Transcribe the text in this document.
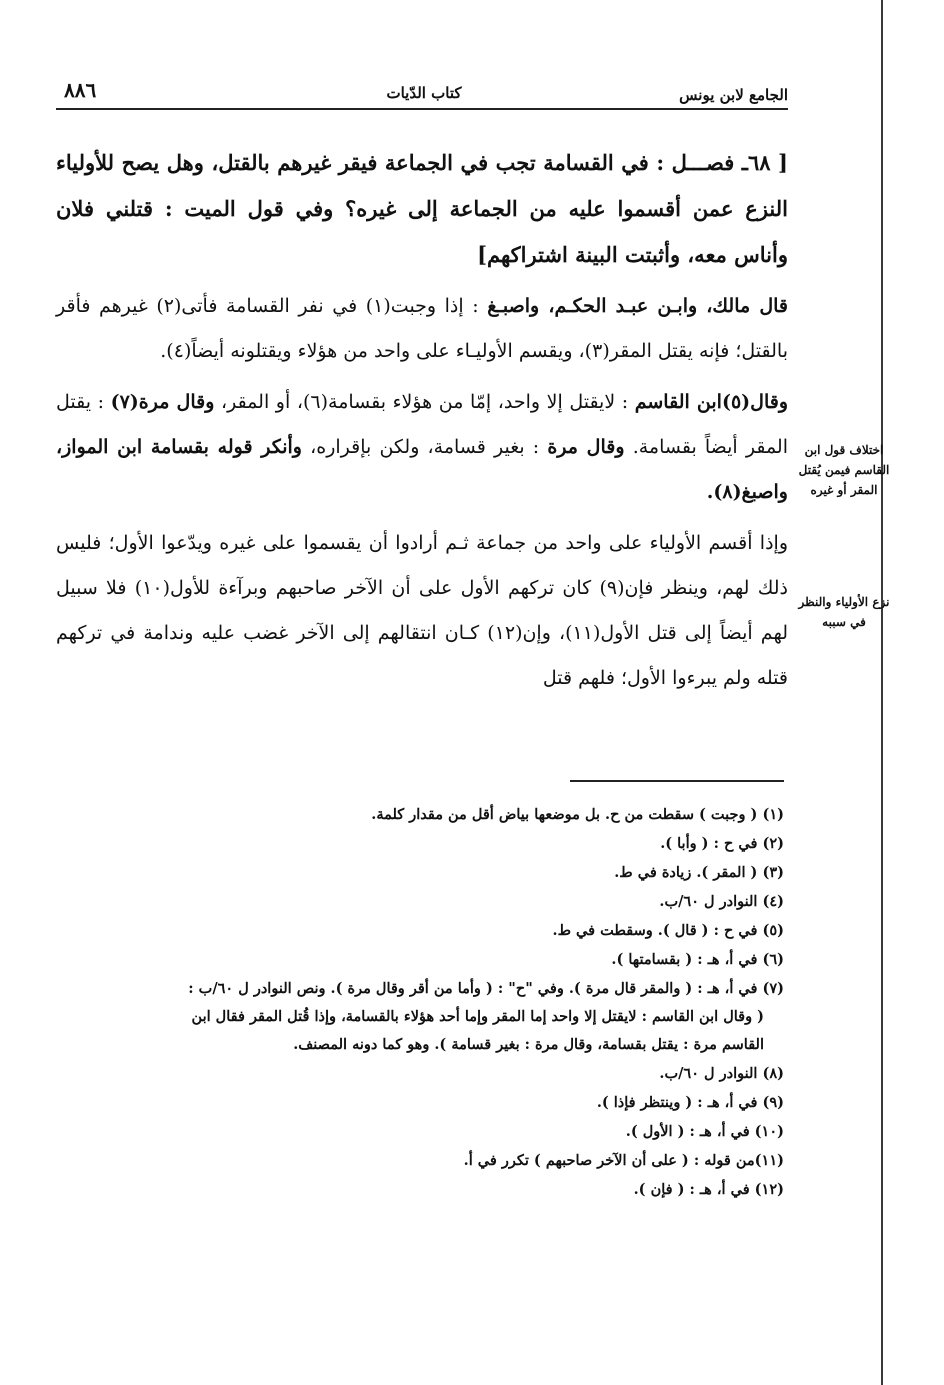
الجامع لابن يونس
كتاب الدّيات
٨٨٦

[ ٦٨ـ فصـــل : في القسامة تجب في الجماعة فيقر غيرهم بالقتل، وهل يصح للأولياء النزع عمن أقسموا عليه من الجماعة إلى غيره؟ وفي قول الميت : قتلني فلان وأناس معه، وأثبتت البينة اشتراكهم]

قال مالك، وابـن عبـد الحكـم، واصبـغ : إذا وجبت(١) في نفر القسامة فأتى(٢) غيرهم فأقر بالقتل؛ فإنه يقتل المقر(٣)، ويقسم الأوليـاء على واحد من هؤلاء ويقتلونه أيضاً(٤).

وقال(٥)ابن القاسم : لايقتل إلا واحد، إمّا من هؤلاء بقسامة(٦)، أو المقر، وقال مرة(٧) : يقتل المقر أيضاً بقسامة. وقال مرة : بغير قسامة، ولكن بإقراره، وأنكر قوله بقسامة ابن المواز، واصبغ(٨).

وإذا أقسم الأولياء على واحد من جماعة ثـم أرادوا أن يقسموا على غيره ويدّعوا الأول؛ فليس ذلك لهم، وينظر فإن(٩) كان تركهم الأول على أن الآخر صاحبهم وبرآءة للأول(١٠) فلا سبيل لهم أيضاً إلى قتل الأول(١١)، وإن(١٢) كـان انتقالهم إلى الآخر غضب عليه وندامة في تركهم قتله ولم يبرءوا الأول؛ فلهم قتل

اختلاف قول ابن القاسم فيمن يُقتل المقر أو غيره
نزع الأولياء والنظر في سببه
(١) ( وجبت ) سقطت من ح. بل موضعها بياض أقل من مقدار كلمة.
(٢) في ح : ( وأبا ).
(٣) ( المقر ). زيادة في ط.
(٤) النوادر ل ٦٠/ب.
(٥) في ح : ( قال ). وسقطت في ط.
(٦) في أ، هـ : ( بقسامتها ).
(٧) في أ، هـ : ( والمقر قال مرة ). وفي "ح" : ( وأما من أقر وقال مرة ). ونص النوادر ل ٦٠/ب :
( وقال ابن القاسم : لايقتل إلا واحد إما المقر وإما أحد هؤلاء بالقسامة، وإذا قُتل المقر فقال ابن
القاسم مرة : يقتل بقسامة، وقال مرة : بغير قسامة ). وهو كما دونه المصنف.
(٨) النوادر ل ٦٠/ب.
(٩) في أ، هـ : ( وينتظر فإذا ).
(١٠) في أ، هـ : ( الأول ).
(١١)من قوله : ( على أن الآخر صاحبهم ) تكرر في أ.
(١٢) في أ، هـ : ( فإن ).
